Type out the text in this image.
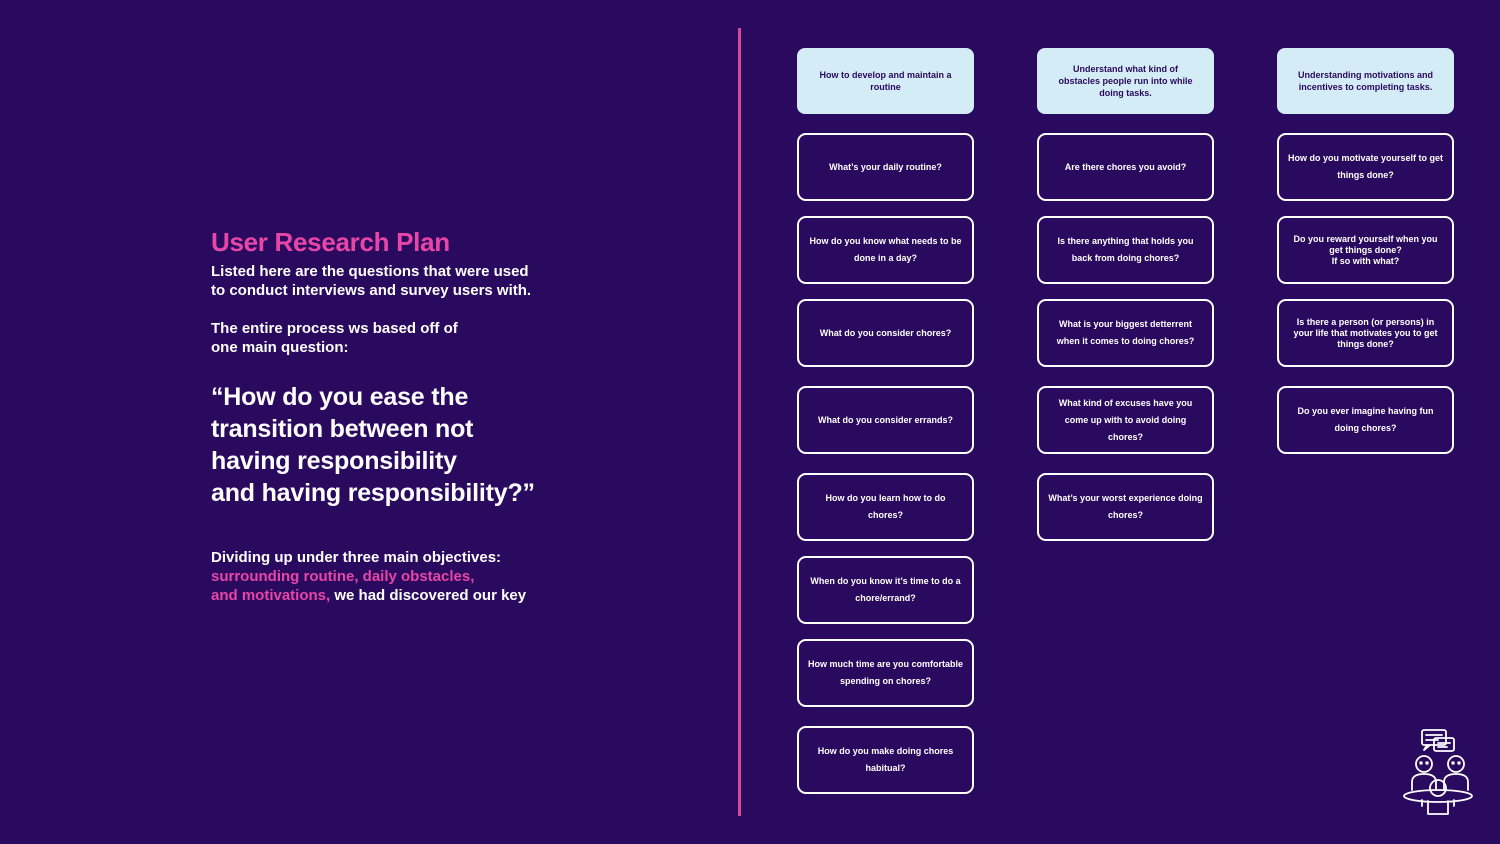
User Research Plan

Listed here are the questions that were used
to conduct interviews and survey users with.

The entire process ws based off of
one main question:

“How do you ease the
transition between not
having responsibility
and having responsibility?”

Dividing up under three main objectives:
surrounding routine, daily obstacles,
and motivations, we had discovered our key

How to develop and maintain a routine
What’s your daily routine?
How do you know what needs to be done in a day?
What do you consider chores?
What do you consider errands?
How do you learn how to do chores?
When do you know it’s time to do a chore/errand?
How much time are you comfortable spending on chores?
How do you make doing chores habitual?
Understand what kind of obstacles people run into while doing tasks.
Are there chores you avoid?
Is there anything that holds you back from doing chores?
What is your biggest detterrent when it comes to doing chores?
What kind of excuses have you come up with to avoid doing chores?
What’s your worst experience doing chores?
Understanding motivations and incentives to completing tasks.
How do you motivate yourself to get things done?
Do you reward yourself when you get things done?
If so with what?
Is there a person (or persons) in your life that motivates you to get things done?
Do you ever imagine having fun doing chores?
